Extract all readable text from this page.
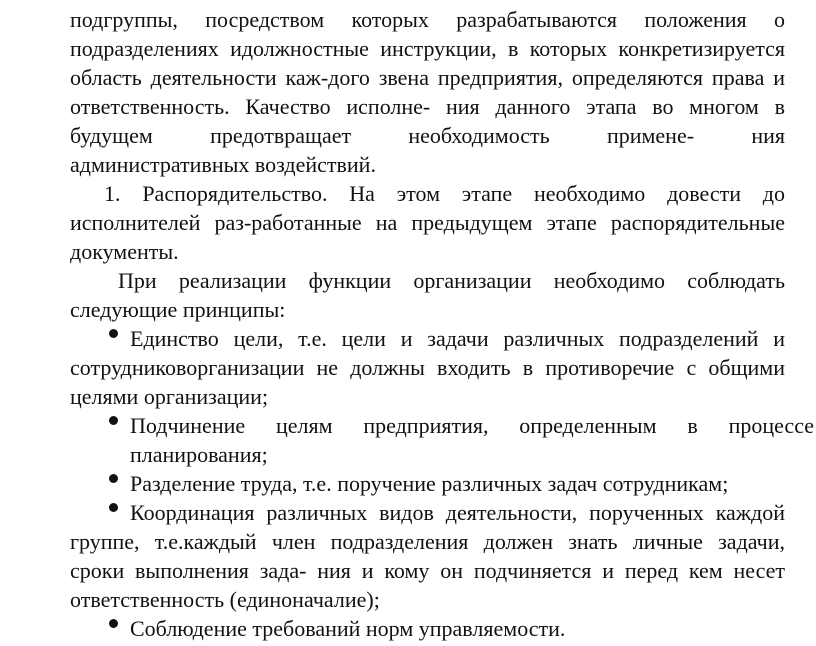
подгруппы, посредством которых разрабатываются положения о
подразделениях идолжностные инструкции, в которых конкретизируется
область деятельности каж-дого звена предприятия, определяются права и
ответственность. Качество исполне- ния данного этапа во многом в
будущем предотвращает необходимость примене- ния
административных воздействий.
1. Распорядительство. На этом этапе необходимо довести до
исполнителей раз-работанные на предыдущем этапе распорядительные
документы.
При реализации функции организации необходимо соблюдать
следующие принципы:
Единство цели, т.е. цели и задачи различных подразделений и
сотрудниковорганизации не должны входить в противоречие с общими
целями организации;
Подчинение целям предприятия, определенным в процессе
планирования;
Разделение труда, т.е. поручение различных задач сотрудникам;
Координация различных видов деятельности, порученных каждой
группе, т.е.каждый член подразделения должен знать личные задачи,
сроки выполнения зада- ния и кому он подчиняется и перед кем несет
ответственность (единоначалие);
Соблюдение требований норм управляемости.
